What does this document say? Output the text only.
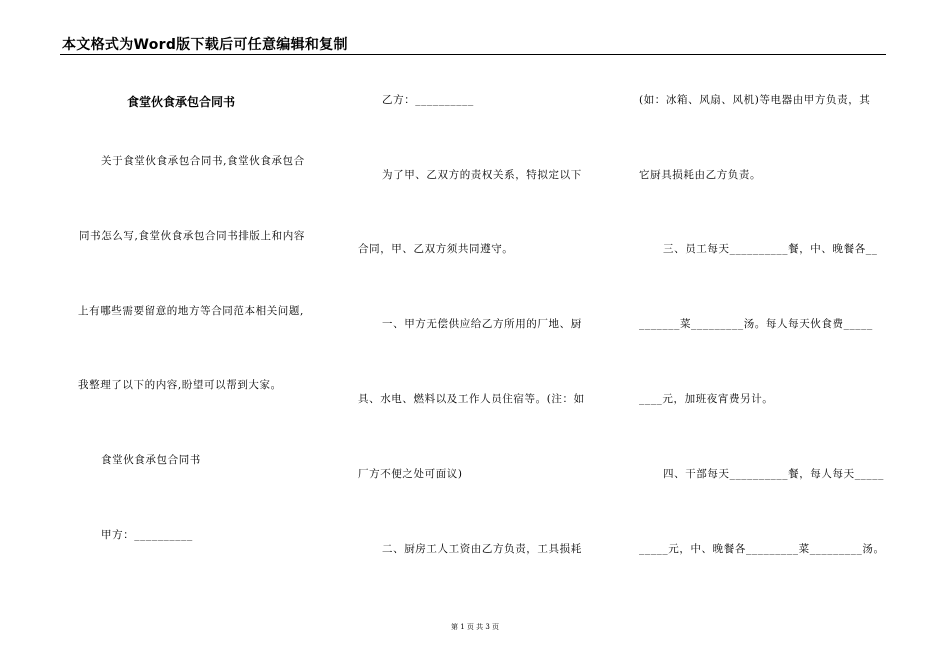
本文格式为Word版下载后可任意编辑和复制
食堂伙食承包合同书
关于食堂伙食承包合同书,食堂伙食承包合
同书怎么写,食堂伙食承包合同书排版上和内容
上有哪些需要留意的地方等合同范本相关问题,
我整理了以下的内容,盼望可以帮到大家。
食堂伙食承包合同书
甲方：__________
乙方：__________
为了甲、乙双方的责权关系，特拟定以下
合同，甲、乙双方须共同遵守。
一、甲方无偿供应给乙方所用的厂地、厨
具、水电、燃料以及工作人员住宿等。(注：如
厂方不便之处可面议)
二、厨房工人工资由乙方负责，工具损耗
(如：冰箱、风扇、风机)等电器由甲方负责，其
它厨具损耗由乙方负责。
三、员工每天__________餐，中、晚餐各__
_______菜_________汤。每人每天伙食费_____
____元，加班夜宵费另计。
四、干部每天__________餐，每人每天_____
_____元，中、晚餐各_________菜_________汤。
第 1 页 共 3 页
